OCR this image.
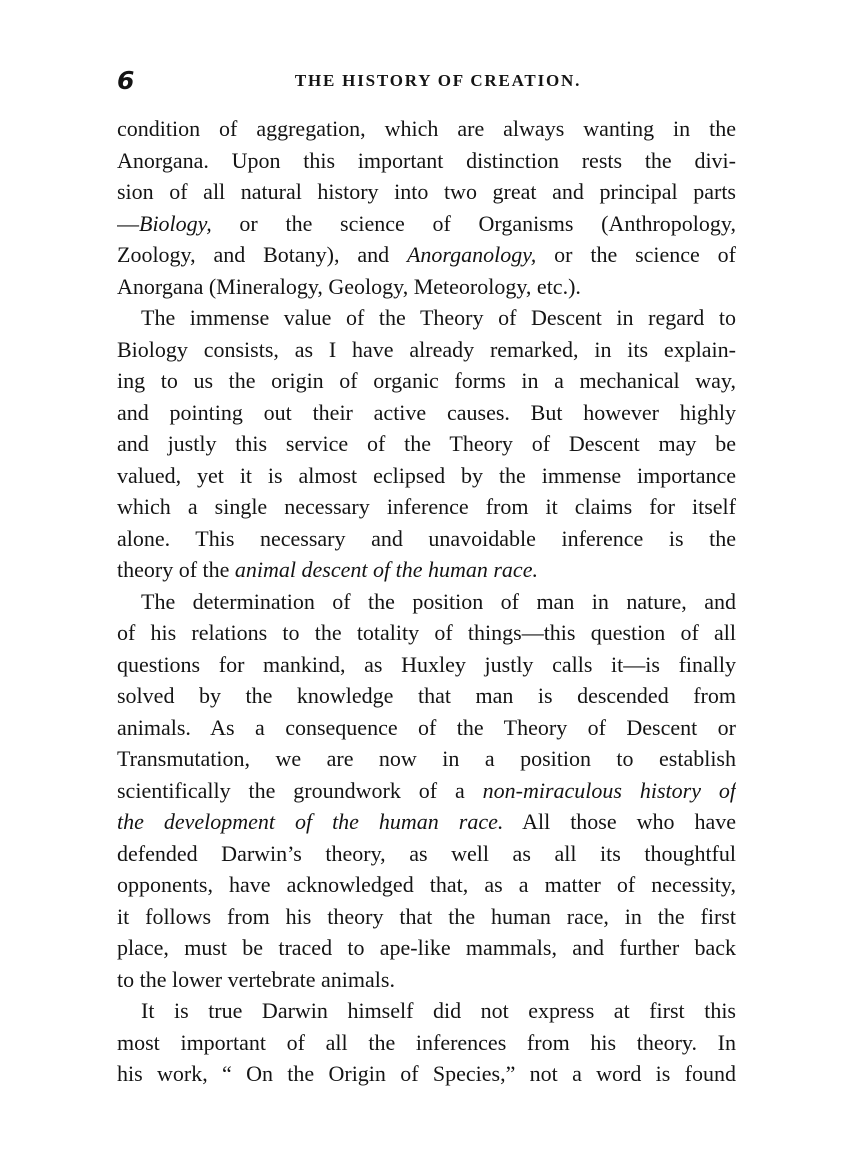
6	THE HISTORY OF CREATION.
condition of aggregation, which are always wanting in the
Anorgana. Upon this important distinction rests the divi-
sion of all natural history into two great and principal parts
—Biology, or the science of Organisms (Anthropology,
Zoology, and Botany), and Anorganology, or the science of
Anorgana (Mineralogy, Geology, Meteorology, etc.).
The immense value of the Theory of Descent in regard to
Biology consists, as I have already remarked, in its explain-
ing to us the origin of organic forms in a mechanical way,
and pointing out their active causes. But however highly
and justly this service of the Theory of Descent may be
valued, yet it is almost eclipsed by the immense importance
which a single necessary inference from it claims for itself
alone. This necessary and unavoidable inference is the
theory of the animal descent of the human race.
The determination of the position of man in nature, and
of his relations to the totality of things—this question of all
questions for mankind, as Huxley justly calls it—is finally
solved by the knowledge that man is descended from
animals. As a consequence of the Theory of Descent or
Transmutation, we are now in a position to establish
scientifically the groundwork of a non-miraculous history of
the development of the human race. All those who have
defended Darwin’s theory, as well as all its thoughtful
opponents, have acknowledged that, as a matter of necessity,
it follows from his theory that the human race, in the first
place, must be traced to ape-like mammals, and further back
to the lower vertebrate animals.
It is true Darwin himself did not express at first this
most important of all the inferences from his theory. In
his work, “ On the Origin of Species,” not a word is found
